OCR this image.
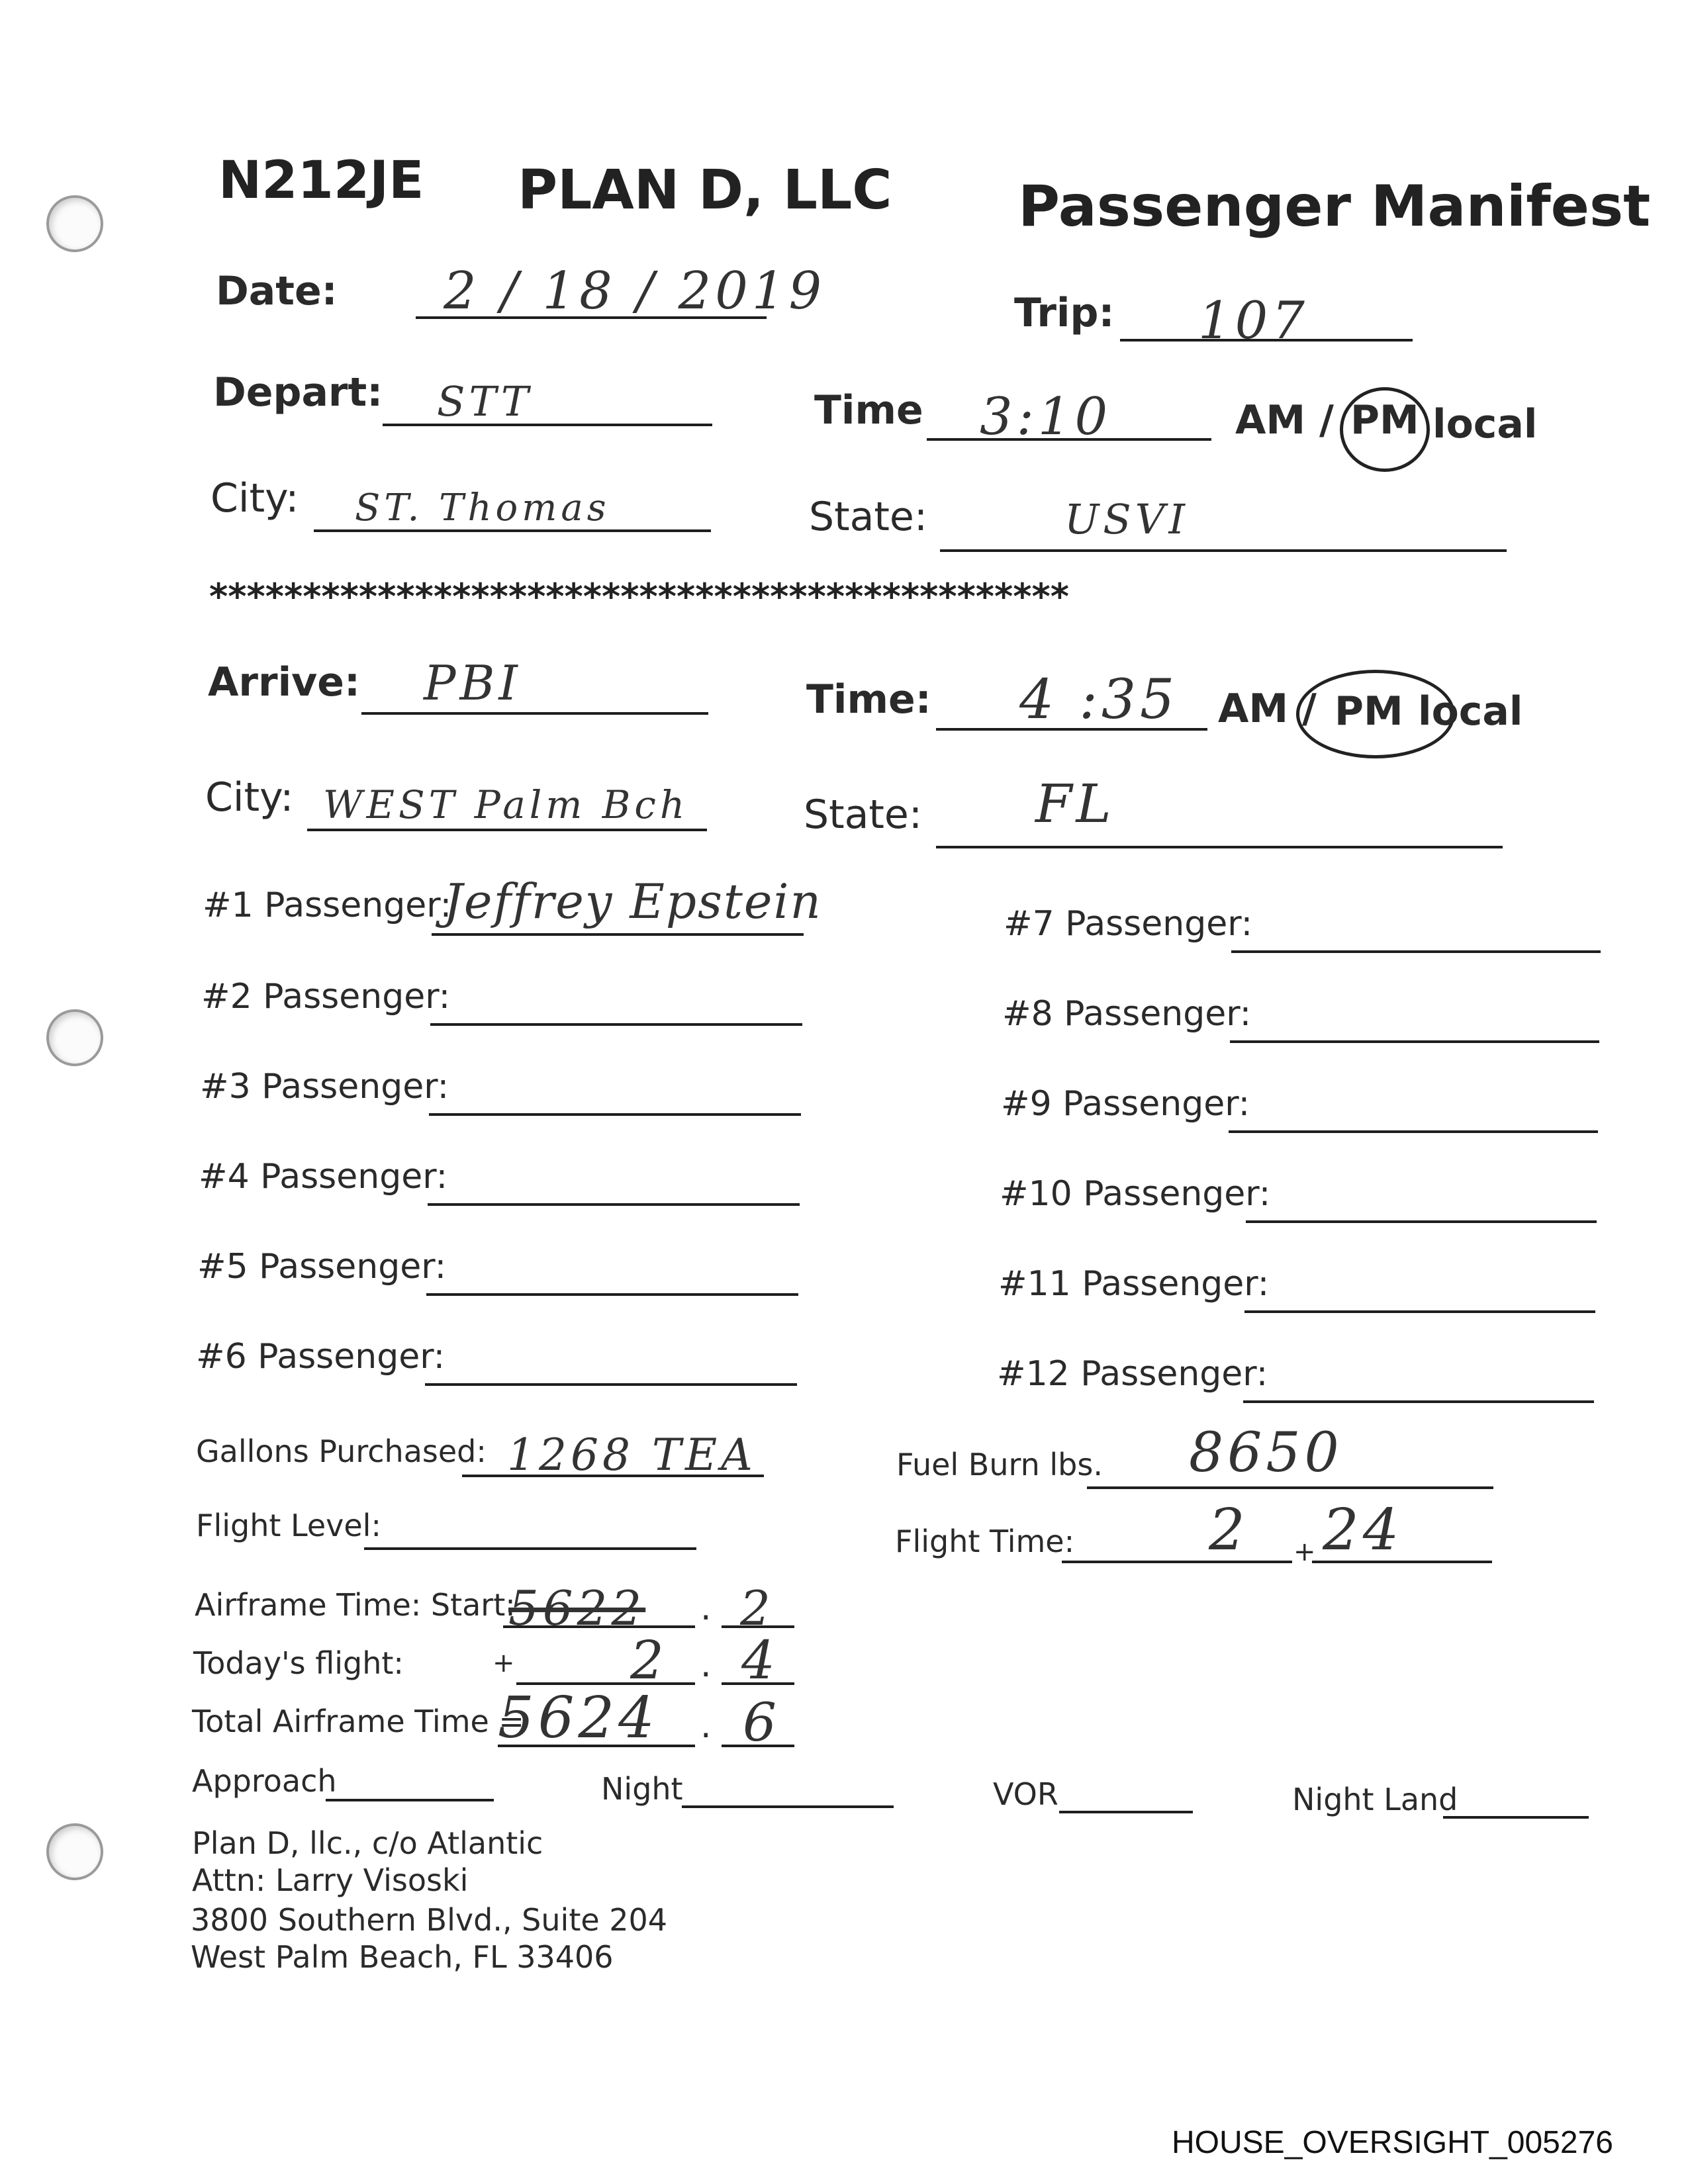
N212JE PLAN D, LLC Passenger Manifest
Date: 2 / 18 / 2019	Trip: 107
Depart: STT	Time 3:10	AM / PM local
City: ST. Thomas	State:	USVI
**********************************************
Arrive: PBI	Time: 4 :35 AM / PM local
City: WEST Palm Bch	State: FL
#1 Passenger:
Jeffrey Epstein
#2 Passenger:
#3 Passenger:
#4 Passenger:
#5 Passenger:
#6 Passenger:
#7 Passenger:
#8 Passenger:
#9 Passenger:
#10 Passenger:
#11 Passenger:
#12 Passenger:
Gallons Purchased: 1268 TEA	Fuel Burn lbs. 8650
Flight Level:	Flight Time: 2 + 24
Airframe Time: Start:
5622 . 2
Today's flight:	+ 2 . 4
Total Airframe Time =
5624 . 6
Approach	Night	VOR	Night Land
Plan D, llc., c/o Atlantic
Attn: Larry Visoski
3800 Southern Blvd., Suite 204
West Palm Beach, FL 33406
HOUSE_OVERSIGHT_005276
